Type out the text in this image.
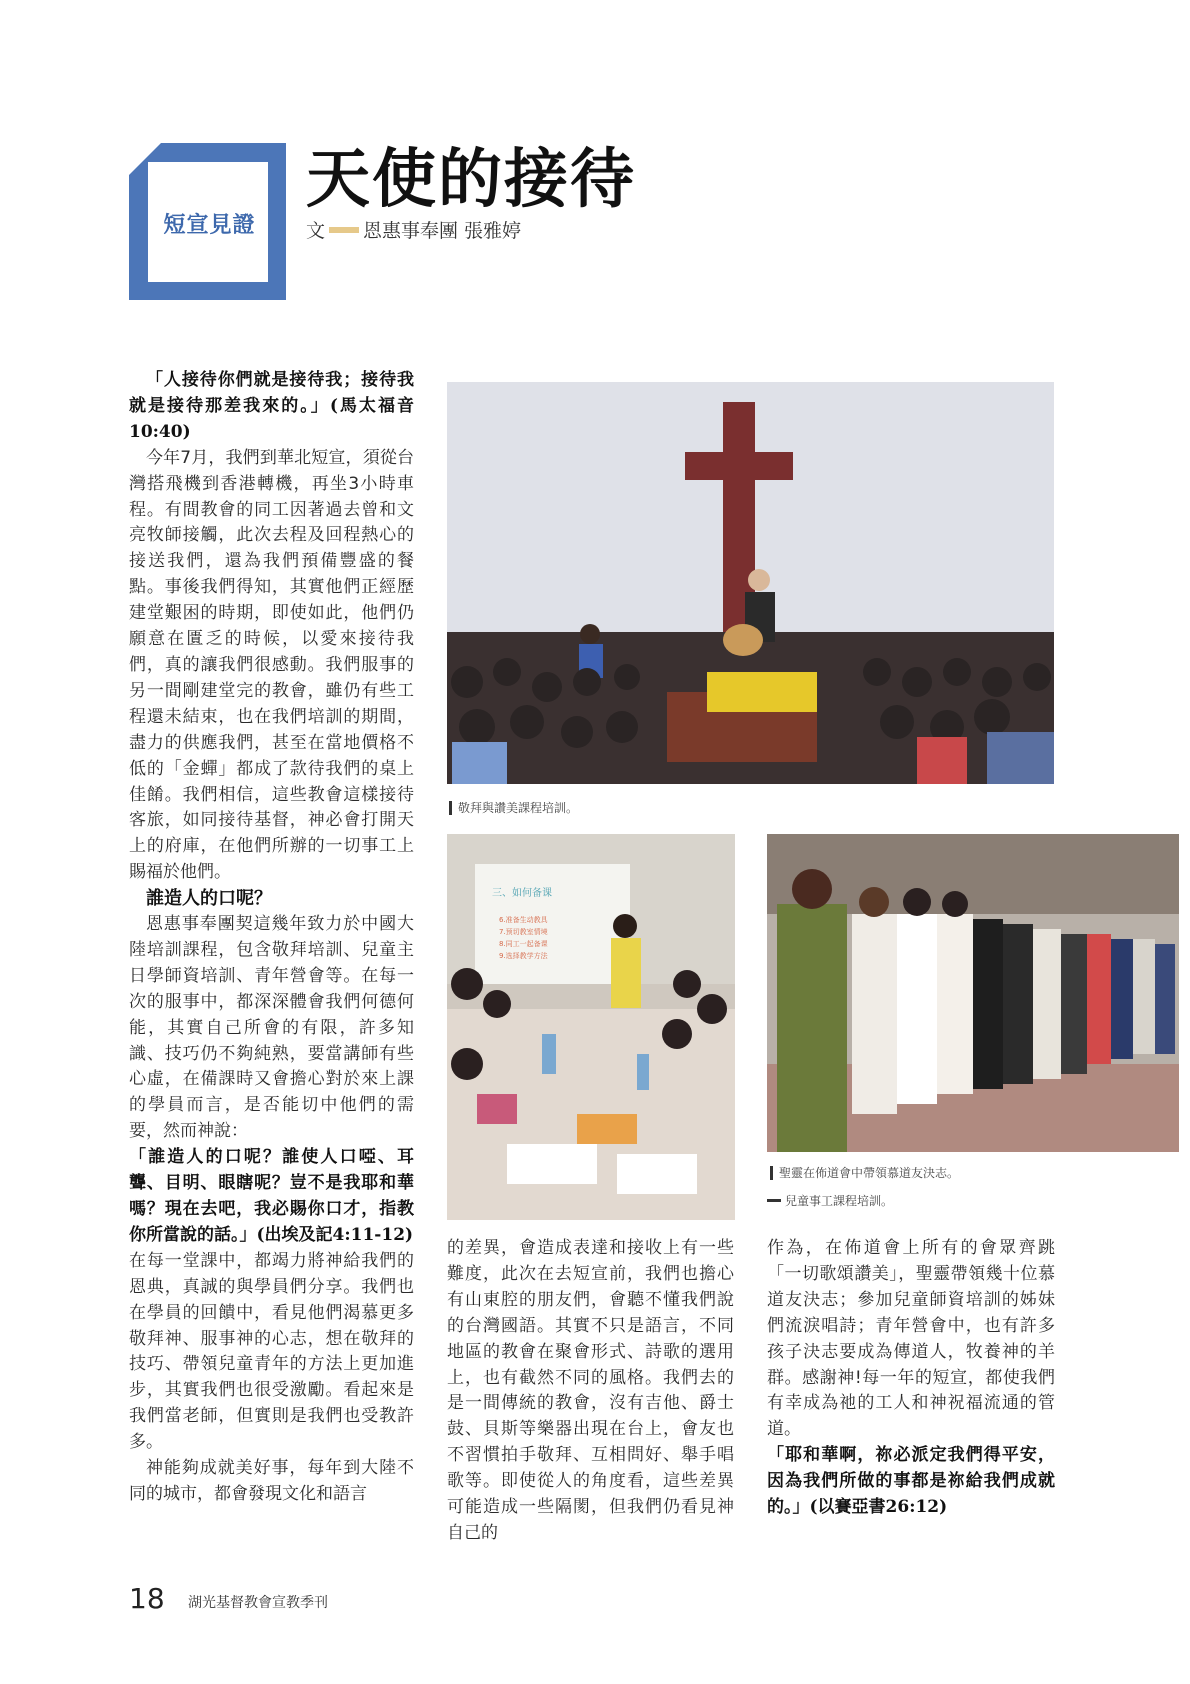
短宣見證
天使的接待
文 恩惠事奉團 張雅婷

「人接待你們就是接待我；接待我就是接待那差我來的。」(馬太福音10:40)

今年7月，我們到華北短宣，須從台灣搭飛機到香港轉機，再坐3小時車程。有間教會的同工因著過去曾和文亮牧師接觸，此次去程及回程熱心的接送我們，還為我們預備豐盛的餐點。事後我們得知，其實他們正經歷建堂艱困的時期，即使如此，他們仍願意在匱乏的時候，以愛來接待我們，真的讓我們很感動。我們服事的另一間剛建堂完的教會，雖仍有些工程還未結束，也在我們培訓的期間，盡力的供應我們，甚至在當地價格不低的「金蟬」都成了款待我們的桌上佳餚。我們相信，這些教會這樣接待客旅，如同接待基督，神必會打開天上的府庫，在他們所辦的一切事工上賜福於他們。

誰造人的口呢？

恩惠事奉團契這幾年致力於中國大陸培訓課程，包含敬拜培訓、兒童主日學師資培訓、青年營會等。在每一次的服事中，都深深體會我們何德何能，其實自己所會的有限，許多知識、技巧仍不夠純熟，要當講師有些心虛，在備課時又會擔心對於來上課的學員而言，是否能切中他們的需要，然而神說：

「誰造人的口呢？誰使人口啞、耳聾、目明、眼瞎呢？豈不是我耶和華嗎？現在去吧，我必賜你口才，指教你所當說的話。」(出埃及記4:11-12)

在每一堂課中，都竭力將神給我們的恩典，真誠的與學員們分享。我們也在學員的回饋中，看見他們渴慕更多敬拜神、服事神的心志，想在敬拜的技巧、帶領兒童青年的方法上更加進步，其實我們也很受激勵。看起來是我們當老師，但實則是我們也受教許多。

神能夠成就美好事，每年到大陸不同的城市，都會發現文化和語言

的差異，會造成表達和接收上有一些難度，此次在去短宣前，我們也擔心有山東腔的朋友們，會聽不懂我們說的台灣國語。其實不只是語言，不同地區的教會在聚會形式、詩歌的選用上，也有截然不同的風格。我們去的是一間傳統的教會，沒有吉他、爵士鼓、貝斯等樂器出現在台上，會友也不習慣拍手敬拜、互相問好、舉手唱歌等。即使從人的角度看，這些差異可能造成一些隔閡，但我們仍看見神自己的

作為，在佈道會上所有的會眾齊跳「一切歌頌讚美」，聖靈帶領幾十位慕道友決志；參加兒童師資培訓的姊妹們流淚唱詩；青年營會中，也有許多孩子決志要成為傳道人，牧養神的羊群。感謝神!每一年的短宣，都使我們有幸成為祂的工人和神祝福流通的管道。

「耶和華啊，祢必派定我們得平安，因為我們所做的事都是祢給我們成就的。」(以賽亞書26:12)

敬拜與讚美課程培訓。
三、如何备课
6.准备生动教具
7.预切教室情境
8.同工一起备课
9.选择教学方法
聖靈在佈道會中帶領慕道友決志。
兒童事工課程培訓。
18 湖光基督教會宣教季刊
